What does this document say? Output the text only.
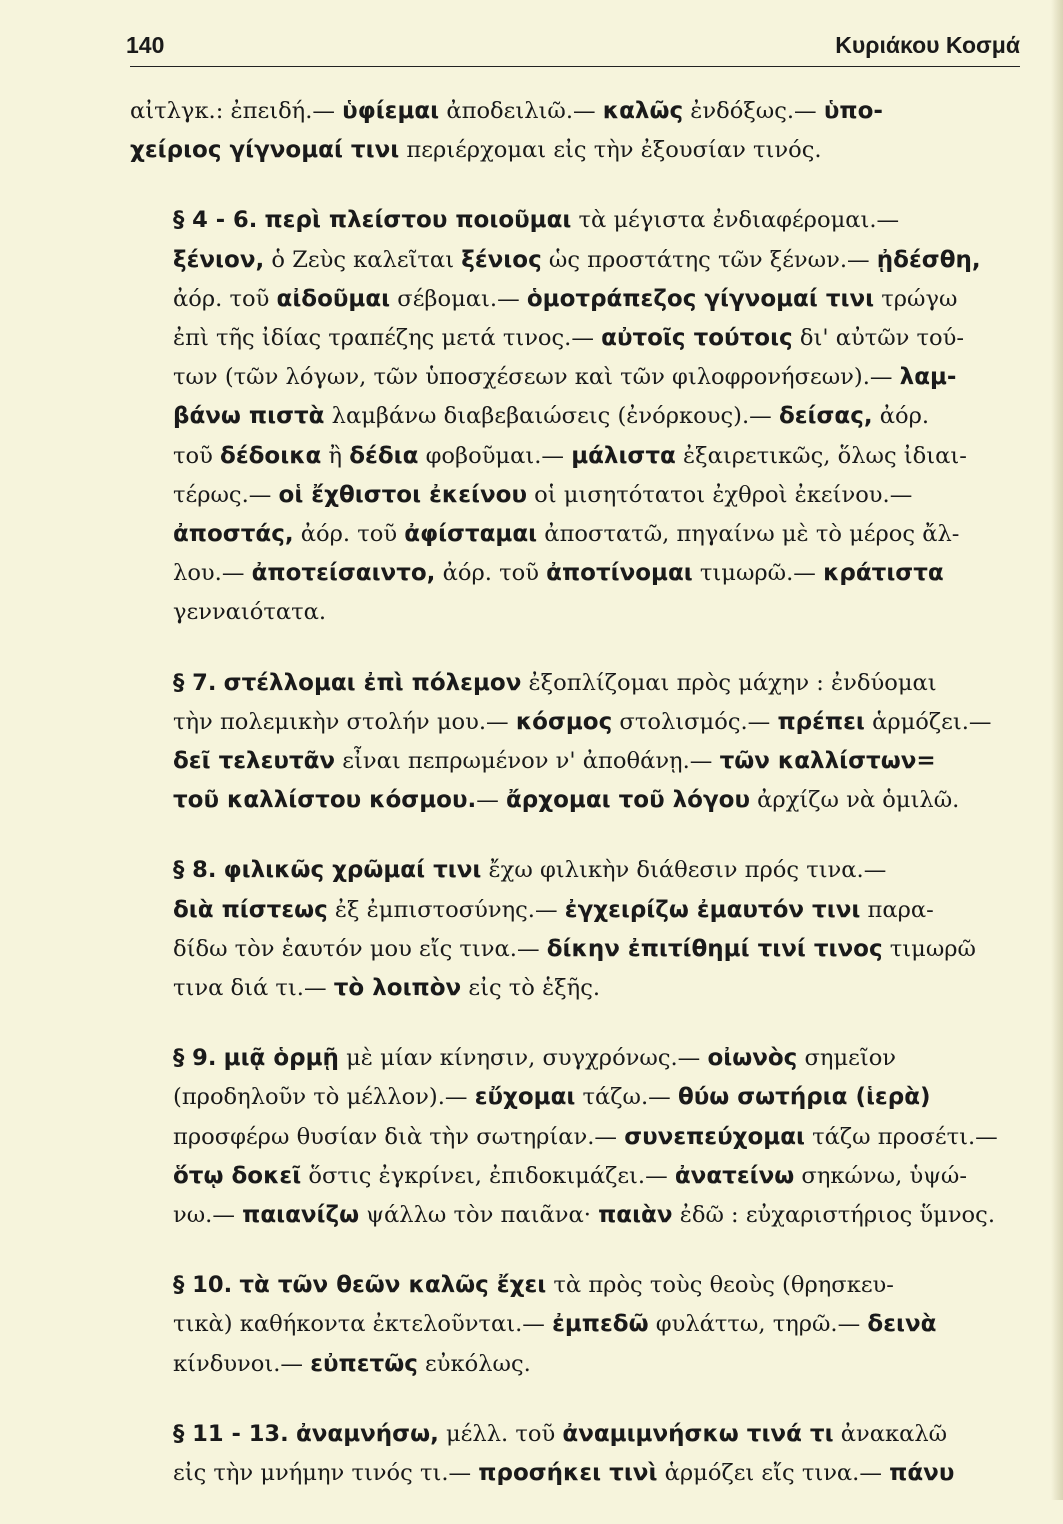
140	Κυριάκου Κοσμά
αἰτλγκ.: ἐπειδή.— ὑφίεμαι ἀποδειλιῶ.— καλῶς ἐνδόξως.— ὑπο-
χείριος γίγνομαί τινι περιέρχομαι εἰς τὴν ἐξουσίαν τινός.
§ 4 - 6. περὶ πλείστου ποιοῦμαι τὰ μέγιστα ἐνδιαφέρομαι.—
ξένιον, ὁ Ζεὺς καλεῖται ξένιος ὡς προστάτης τῶν ξένων.— ᾐδέσθη,
ἀόρ. τοῦ αἰδοῦμαι σέβομαι.— ὁμοτράπεζος γίγνομαί τινι τρώγω
ἐπὶ τῆς ἰδίας τραπέζης μετά τινος.— αὐτοῖς τούτοις δι' αὐτῶν τού-
των (τῶν λόγων, τῶν ὑποσχέσεων καὶ τῶν φιλοφρονήσεων).— λαμ-
βάνω πιστὰ λαμβάνω διαβεβαιώσεις (ἐνόρκους).— δείσας, ἀόρ.
τοῦ δέδοικα ἢ δέδια φοβοῦμαι.— μάλιστα ἐξαιρετικῶς, ὅλως ἰδιαι-
τέρως.— οἱ ἔχθιστοι ἐκείνου οἱ μισητότατοι ἐχθροὶ ἐκείνου.—
ἀποστάς, ἀόρ. τοῦ ἀφίσταμαι ἀποστατῶ, πηγαίνω μὲ τὸ μέρος ἄλ-
λου.— ἀποτείσαιντο, ἀόρ. τοῦ ἀποτίνομαι τιμωρῶ.— κράτιστα
γενναιότατα.
§ 7. στέλλομαι ἐπὶ πόλεμον ἐξοπλίζομαι πρὸς μάχην : ἐνδύομαι
τὴν πολεμικὴν στολήν μου.— κόσμος στολισμός.— πρέπει ἁρμόζει.—
δεῖ τελευτᾶν εἶναι πεπρωμένον ν' ἀποθάνῃ.— τῶν καλλίστων=
τοῦ καλλίστου κόσμου.— ἄρχομαι τοῦ λόγου ἀρχίζω νὰ ὁμιλῶ.
§ 8. φιλικῶς χρῶμαί τινι ἔχω φιλικὴν διάθεσιν πρός τινα.—
διὰ πίστεως ἐξ ἐμπιστοσύνης.— ἐγχειρίζω ἐμαυτόν τινι παρα-
δίδω τὸν ἑαυτόν μου εἴς τινα.— δίκην ἐπιτίθημί τινί τινος τιμωρῶ
τινα διά τι.— τὸ λοιπὸν εἰς τὸ ἑξῆς.
§ 9. μιᾷ ὁρμῇ μὲ μίαν κίνησιν, συγχρόνως.— οἰωνὸς σημεῖον
(προδηλοῦν τὸ μέλλον).— εὔχομαι τάζω.— θύω σωτήρια (ἱερὰ)
προσφέρω θυσίαν διὰ τὴν σωτηρίαν.— συνεπεύχομαι τάζω προσέτι.—
ὅτῳ δοκεῖ ὅστις ἐγκρίνει, ἐπιδοκιμάζει.— ἀνατείνω σηκώνω, ὑψώ-
νω.— παιανίζω ψάλλω τὸν παιᾶνα· παιὰν ἐδῶ : εὐχαριστήριος ὕμνος.
§ 10. τὰ τῶν θεῶν καλῶς ἔχει τὰ πρὸς τοὺς θεοὺς (θρησκευ-
τικὰ) καθήκοντα ἐκτελοῦνται.— ἐμπεδῶ φυλάττω, τηρῶ.— δεινὰ
κίνδυνοι.— εὐπετῶς εὐκόλως.
§ 11 - 13. ἀναμνήσω, μέλλ. τοῦ ἀναμιμνήσκω τινά τι ἀνακαλῶ
εἰς τὴν μνήμην τινός τι.— προσήκει τινὶ ἁρμόζει εἴς τινα.— πάνυ
